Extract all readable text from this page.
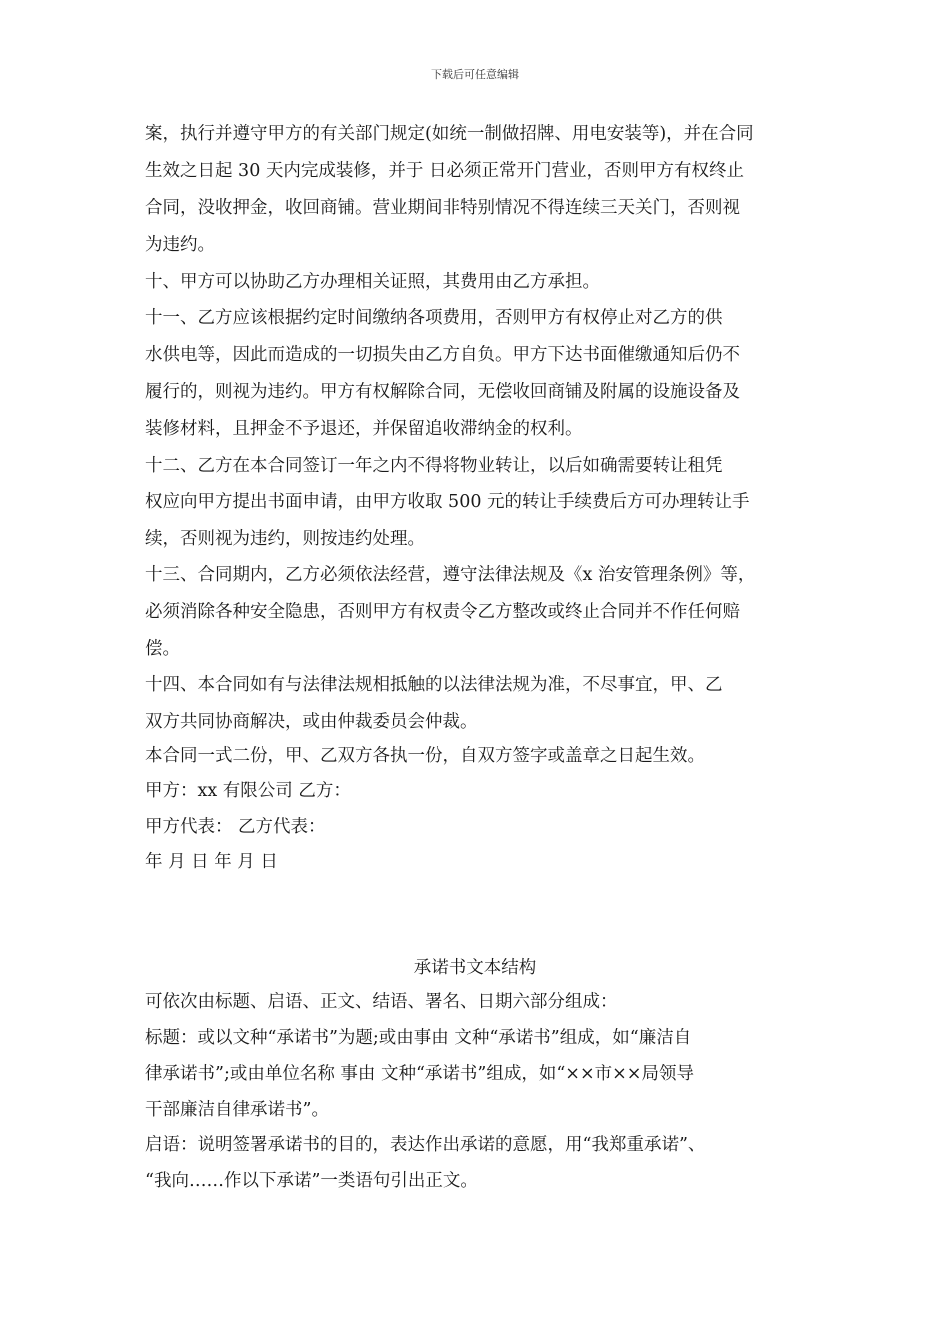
下载后可任意编辑
案，执行并遵守甲方的有关部门规定(如统一制做招牌、用电安装等)，并在合同
生效之日起 30 天内完成装修，并于 日必须正常开门营业，否则甲方有权终止
合同，没收押金，收回商铺。营业期间非特别情况不得连续三天关门，否则视
为违约。
十、甲方可以协助乙方办理相关证照，其费用由乙方承担。
十一、乙方应该根据约定时间缴纳各项费用，否则甲方有权停止对乙方的供
水供电等，因此而造成的一切损失由乙方自负。甲方下达书面催缴通知后仍不
履行的，则视为违约。甲方有权解除合同，无偿收回商铺及附属的设施设备及
装修材料，且押金不予退还，并保留追收滞纳金的权利。
十二、乙方在本合同签订一年之内不得将物业转让，以后如确需要转让租凭
权应向甲方提出书面申请，由甲方收取 500 元的转让手续费后方可办理转让手
续，否则视为违约，则按违约处理。
十三、合同期内，乙方必须依法经营，遵守法律法规及《x 治安管理条例》等，
必须消除各种安全隐患，否则甲方有权责令乙方整改或终止合同并不作任何赔
偿。
十四、本合同如有与法律法规相抵触的以法律法规为准，不尽事宜，甲、乙
双方共同协商解决，或由仲裁委员会仲裁。
本合同一式二份，甲、乙双方各执一份，自双方签字或盖章之日起生效。
甲方：xx 有限公司 乙方：
甲方代表： 乙方代表：
年 月 日 年 月 日
承诺书文本结构
可依次由标题、启语、正文、结语、署名、日期六部分组成：
标题：或以文种“承诺书”为题;或由事由 文种“承诺书”组成，如“廉洁自
律承诺书”;或由单位名称 事由 文种“承诺书”组成，如“××市××局领导
干部廉洁自律承诺书”。
启语：说明签署承诺书的目的，表达作出承诺的意愿，用“我郑重承诺”、
“我向……作以下承诺”一类语句引出正文。
